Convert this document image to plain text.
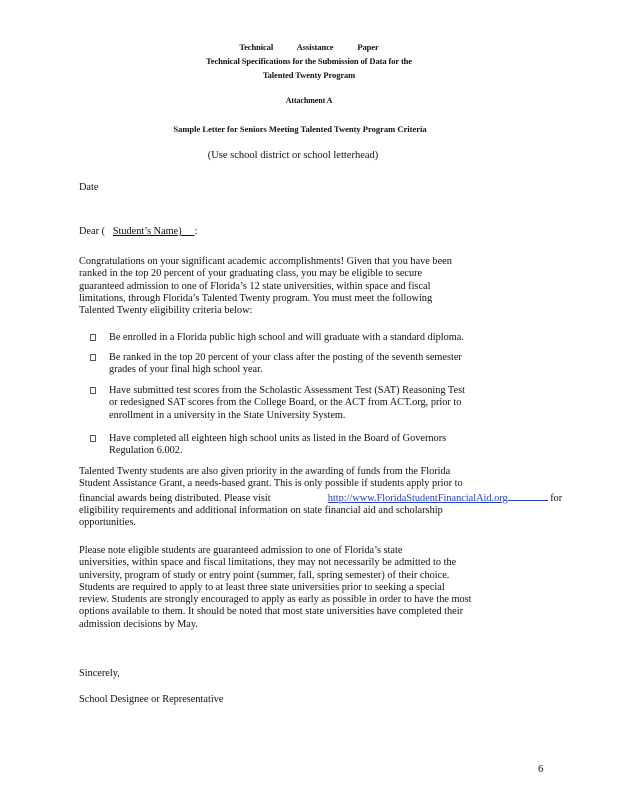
Technical Assistance Paper
Technical Specifications for the Submission of Data for the
Talented Twenty Program
Attachment A
Sample Letter for Seniors Meeting Talented Twenty Program Criteria
(Use school district or school letterhead)
Date
Dear ( Student’s Name) :
Congratulations on your significant academic accomplishments! Given that you have been
ranked in the top 20 percent of your graduating class, you may be eligible to secure
guaranteed admission to one of Florida’s 12 state universities, within space and fiscal
limitations, through Florida’s Talented Twenty program. You must meet the following
Talented Twenty eligibility criteria below:
Be enrolled in a Florida public high school and will graduate with a standard diploma.
Be ranked in the top 20 percent of your class after the posting of the seventh semester
grades of your final high school year.
Have submitted test scores from the Scholastic Assessment Test (SAT) Reasoning Test
or redesigned SAT scores from the College Board, or the ACT from ACT.org, prior to
enrollment in a university in the State University System.
Have completed all eighteen high school units as listed in the Board of Governors
Regulation 6.002.
Talented Twenty students are also given priority in the awarding of funds from the Florida
Student Assistance Grant, a needs-based grant. This is only possible if students apply prior to
financial awards being distributed. Please visit	http://www.FloridaStudentFinancialAid.org	for
eligibility requirements and additional information on state financial aid and scholarship
opportunities.
Please note eligible students are guaranteed admission to one of Florida’s state
universities, within space and fiscal limitations, they may not necessarily be admitted to the
university, program of study or entry point (summer, fall, spring semester) of their choice.
Students are required to apply to at least three state universities prior to seeking a special
review. Students are strongly encouraged to apply as early as possible in order to have the most
options available to them. It should be noted that most state universities have completed their
admission decisions by May.
Sincerely,
School Designee or Representative
6
